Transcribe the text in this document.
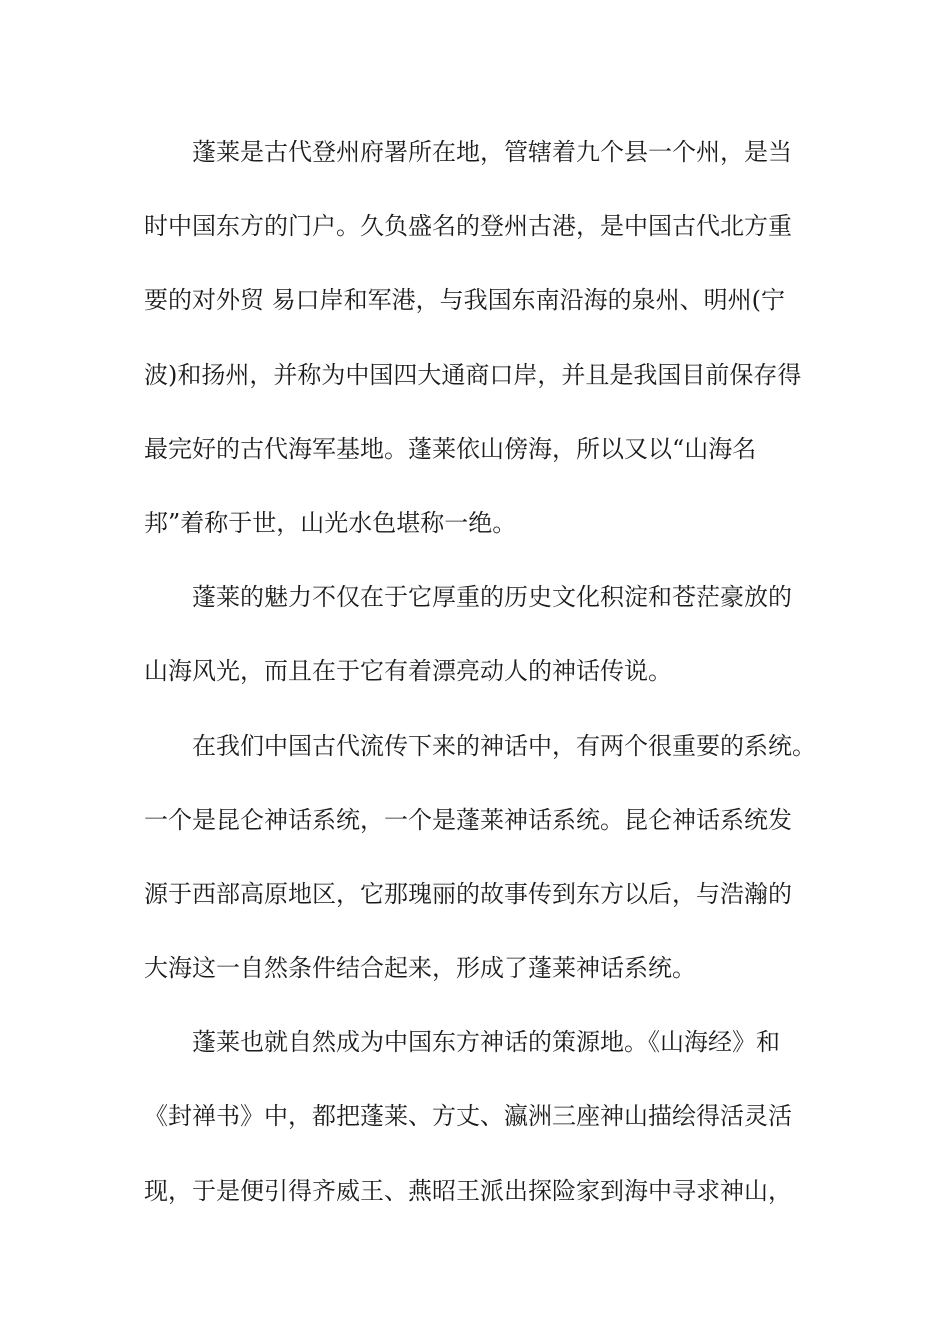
蓬莱是古代登州府署所在地，管辖着九个县一个州，是当
时中国东方的门户。久负盛名的登州古港，是中国古代北方重
要的对外贸 易口岸和军港，与我国东南沿海的泉州、明州(宁
波)和扬州，并称为中国四大通商口岸，并且是我国目前保存得
最完好的古代海军基地。蓬莱依山傍海，所以又以“山海名
邦”着称于世，山光水色堪称一绝。
蓬莱的魅力不仅在于它厚重的历史文化积淀和苍茫豪放的
山海风光，而且在于它有着漂亮动人的神话传说。
在我们中国古代流传下来的神话中，有两个很重要的系统。
一个是昆仑神话系统，一个是蓬莱神话系统。昆仑神话系统发
源于西部高原地区，它那瑰丽的故事传到东方以后，与浩瀚的
大海这一自然条件结合起来，形成了蓬莱神话系统。
蓬莱也就自然成为中国东方神话的策源地。《山海经》和
《封禅书》中，都把蓬莱、方丈、瀛洲三座神山描绘得活灵活
现，于是便引得齐威王、燕昭王派出探险家到海中寻求神山，
